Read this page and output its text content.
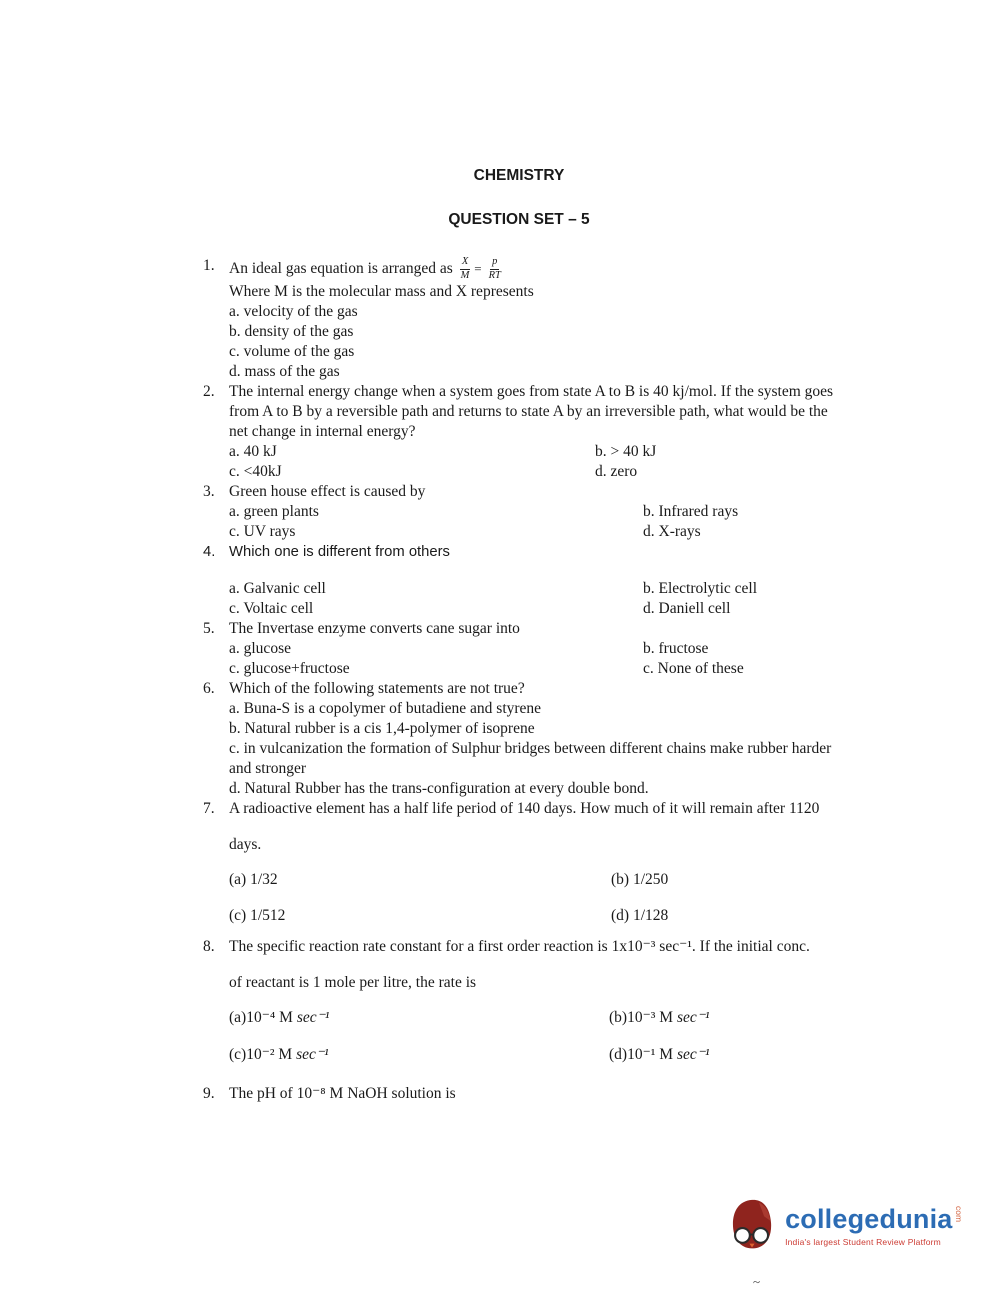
CHEMISTRY
QUESTION SET – 5
1. An ideal gas equation is arranged as $\frac{X}{M} = \frac{p}{RT}$
Where M is the molecular mass and X represents
a. velocity of the gas
b. density of the gas
c. volume of the gas
d. mass of the gas
2. The internal energy change when a system goes from state A to B is 40 kj/mol. If the system goes from A to B by a reversible path and returns to state A by an irreversible path, what would be the net change in internal energy?
a. 40 kJ	b. > 40 kJ
c. <40kJ	d. zero
3. Green house effect is caused by
a. green plants	b. Infrared rays
c. UV rays	d. X-rays
4. Which one is different from others
a. Galvanic cell	b. Electrolytic cell
c. Voltaic cell	d. Daniell cell
5. The Invertase enzyme converts cane sugar into
a. glucose	b. fructose
c. glucose+fructose	c. None of these
6. Which of the following statements are not true?
a. Buna-S is a copolymer of butadiene and styrene
b. Natural rubber is a cis 1,4-polymer of isoprene
c. in vulcanization the formation of Sulphur bridges between different chains make rubber harder and stronger
d. Natural Rubber has the trans-configuration at every double bond.
7. A radioactive element has a half life period of 140 days. How much of it will remain after 1120
days.
(a) 1/32	(b) 1/250
(c) 1/512	(d) 1/128
8. The specific reaction rate constant for a first order reaction is 1x10⁻³ sec⁻¹. If the initial conc.
of reactant is 1 mole per litre, the rate is
(a)10⁻⁴ M sec⁻¹	(b)10⁻³ M sec⁻¹
(c)10⁻² M sec⁻¹	(d)10⁻¹ M sec⁻¹
9. The pH of 10⁻⁸ M NaOH solution is
collegedunia com
India's largest Student Review Platform
~
